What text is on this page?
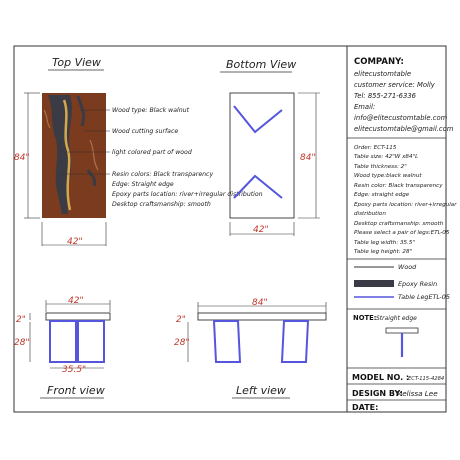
Top View
Wood type: Black walnut
Wood cutting surface
light colored part of wood
Resin colors: Black transparency
Edge: Straight edge
Epoxy parts location: river+irregular distribution
Desktop craftsmanship: smooth
84"
42"
Bottom View
84"
42"
42"
2"
28"
35.5"
Front view
84"
2"
28"
Left view
COMPANY:
elitecustomtable
customer service: Molly
Tel: 855-271-6336
Email:
info@elitecustomtable.com
elitecustomtable@gmail.com
Order: ECT-115
Table size: 42"W x84"L
Table thickness: 2"
Wood type:black walnut
Resin color: Black transparency
Edge: straight edge
Epoxy parts location: river+irregular
distribution
Desktop craftsmanship: smooth
Please select a pair of legs:ETL-05
Table leg width: 35.5"
Table leg height: 28"
Wood
Epoxy Resin
Table LegETL-05
NOTE: Straight edge
MODEL NO. :
ECT-115-4284
DESIGN BY:
Melissa Lee
DATE:
